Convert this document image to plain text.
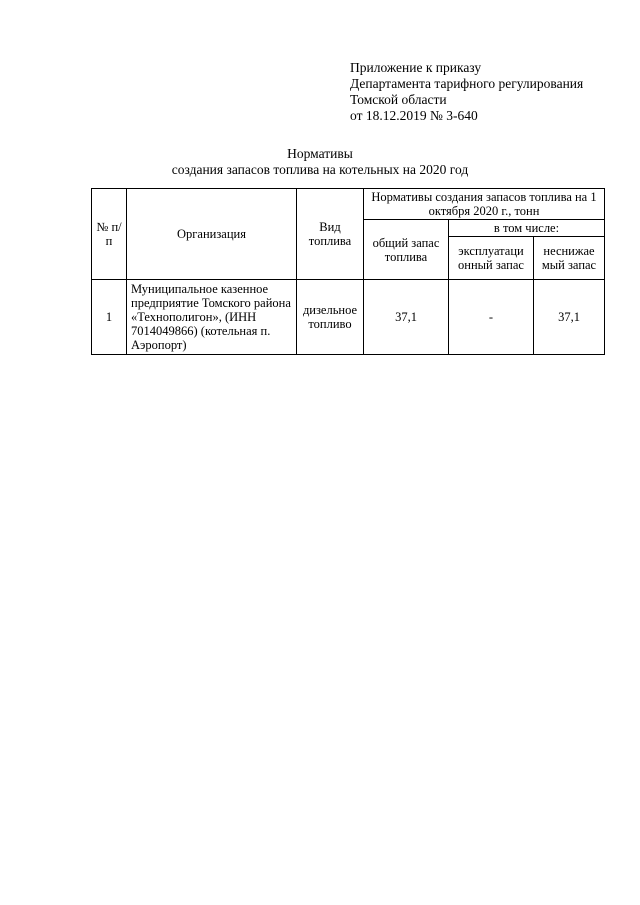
Приложение к приказу
Департамента тарифного регулирования
Томской области
от 18.12.2019 № 3-640
Нормативы
создания запасов топлива на котельных на 2020 год
№ п/п	Организация	Вид топлива	Нормативы создания запасов топлива на 1 октября 2020 г., тонн		
			общий запас топлива	в том числе:	
				эксплуатаци онный запас	неснижае мый запас
1	Муниципальное казенное предприятие Томского района «Технополигон», (ИНН 7014049866) (котельная п. Аэропорт)	дизельное топливо	37,1	-	37,1
